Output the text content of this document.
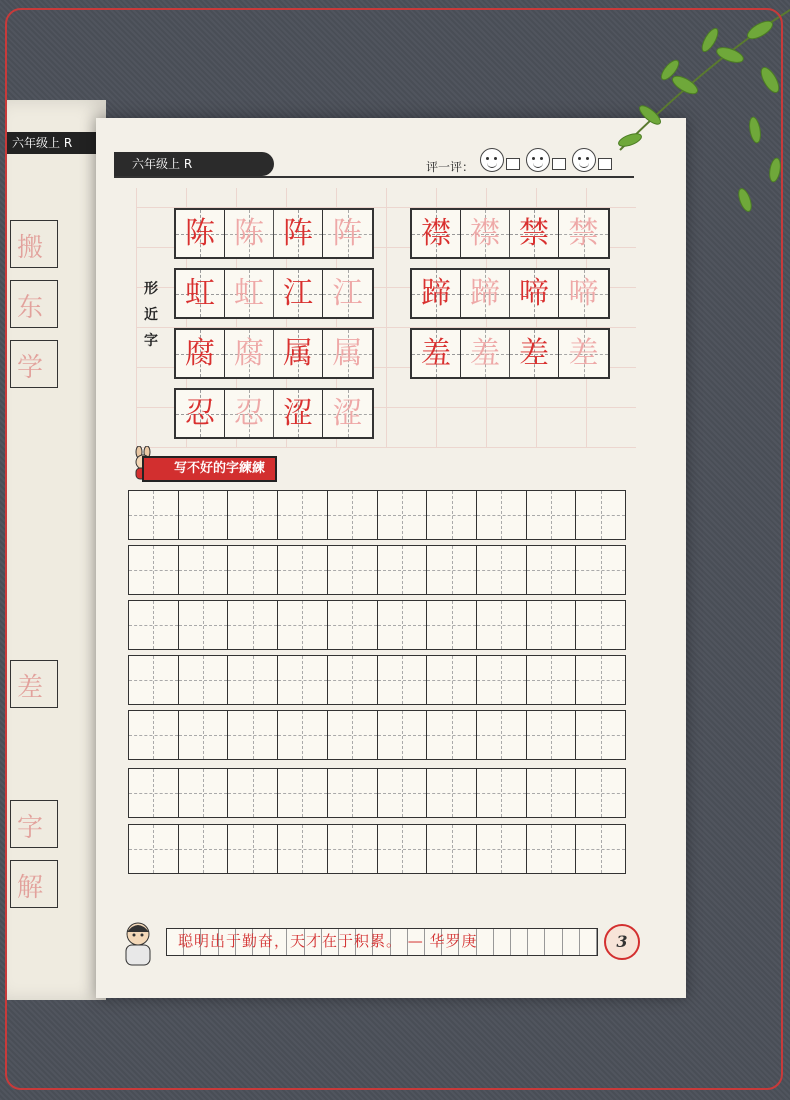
六年级上 R
搬
东
学
差
字
解
六年级上 R	评一评：
形近字
陈 陈 阵 阵	襟 襟 禁 禁
虹 虹 江 江	蹄 蹄 啼 啼
腐 腐 属 属	羞 羞 差 差
忍 忍 涩 涩
写不好的字練練
聪明出于勤奋，天才在于积累。 — 华罗庚	3
